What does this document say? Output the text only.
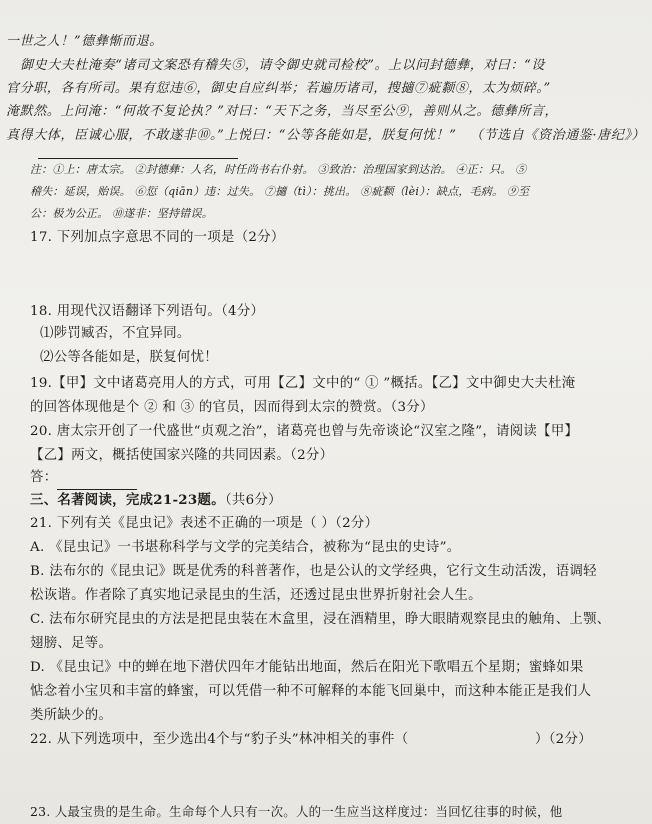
一世之人！”德彝惭而退。
御史大夫杜淹奏“诸司文案恐有稽失⑤，请令御史就司检校”。上以问封德彝，对曰：“设
官分职，各有所司。果有愆违⑥，御史自应纠举；若遍历诸司，搜擿⑦疵颣⑧，太为烦碎。”
淹默然。上问淹：“何故不复论执？”对曰：“天下之务，当尽至公⑨，善则从之。德彝所言，
真得大体，臣诚心服，不敢遂非⑩。”上悦曰：“公等各能如是，朕复何忧！”	（节选自《资治通鉴·唐纪》）
注：①上：唐太宗。 ②封德彝：人名，时任尚书右仆射。 ③致治：治理国家到达治。 ④正：只。 ⑤
稽失：延误，贻误。 ⑥愆（qiān）违：过失。 ⑦擿（tì）：挑出。 ⑧疵颣（lèi）：缺点，毛病。 ⑨至
公：极为公正。 ⑩遂非：坚持错误。
17. 下列加点字意思不同的一项是（2分）
18. 用现代汉语翻译下列语句。（4分）
⑴陟罚臧否，不宜异同。
⑵公等各能如是，朕复何忧！
19.【甲】文中诸葛亮用人的方式，可用【乙】文中的“ ① ”概括。【乙】文中御史大夫杜淹
的回答体现他是个 ② 和 ③ 的官员，因而得到太宗的赞赏。（3分）
20. 唐太宗开创了一代盛世“贞观之治”，诸葛亮也曾与先帝谈论“汉室之隆”，请阅读【甲】
【乙】两文，概括使国家兴隆的共同因素。（2分）
答：
三、名著阅读，完成21-23题。（共6分）
21. 下列有关《昆虫记》表述不正确的一项是（ ）（2分）
A. 《昆虫记》一书堪称科学与文学的完美结合，被称为“昆虫的史诗”。
B. 法布尔的《昆虫记》既是优秀的科普著作，也是公认的文学经典，它行文生动活泼，语调轻
松诙谐。作者除了真实地记录昆虫的生活，还透过昆虫世界折射社会人生。
C. 法布尔研究昆虫的方法是把昆虫装在木盒里，浸在酒精里，睁大眼睛观察昆虫的触角、上颚、
翅膀、足等。
D. 《昆虫记》中的蝉在地下潜伏四年才能钻出地面，然后在阳光下歌唱五个星期；蜜蜂如果
惦念着小宝贝和丰富的蜂蜜，可以凭借一种不可解释的本能飞回巢中，而这种本能正是我们人
类所缺少的。
22. 从下列选项中，至少选出4个与“豹子头”林冲相关的事件（	）（2分）
23. 人最宝贵的是生命。生命每个人只有一次。人的一生应当这样度过：当回忆往事的时候，他
